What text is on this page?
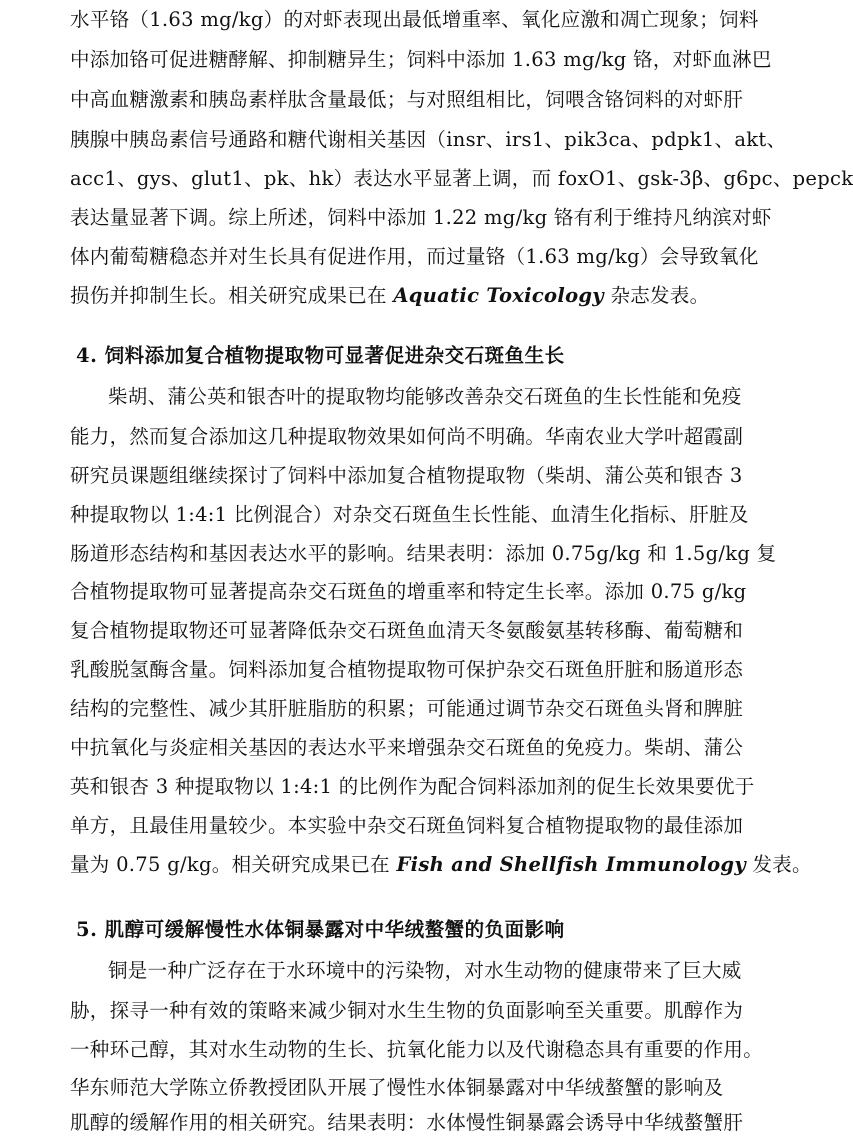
水平铬（1.63 mg/kg）的对虾表现出最低增重率、氧化应激和凋亡现象；饲料
中添加铬可促进糖酵解、抑制糖异生；饲料中添加 1.63 mg/kg 铬，对虾血淋巴
中高血糖激素和胰岛素样肽含量最低；与对照组相比，饲喂含铬饲料的对虾肝
胰腺中胰岛素信号通路和糖代谢相关基因（insr、irs1、pik3ca、pdpk1、akt、
acc1、gys、glut1、pk、hk）表达水平显著上调，而 foxO1、gsk-3β、g6pc、pepck
表达量显著下调。综上所述，饲料中添加 1.22 mg/kg 铬有利于维持凡纳滨对虾
体内葡萄糖稳态并对生长具有促进作用，而过量铬（1.63 mg/kg）会导致氧化
损伤并抑制生长。相关研究成果已在 Aquatic Toxicology 杂志发表。
4. 饲料添加复合植物提取物可显著促进杂交石斑鱼生长
柴胡、蒲公英和银杏叶的提取物均能够改善杂交石斑鱼的生长性能和免疫
能力，然而复合添加这几种提取物效果如何尚不明确。华南农业大学叶超霞副
研究员课题组继续探讨了饲料中添加复合植物提取物（柴胡、蒲公英和银杏 3
种提取物以 1:4:1 比例混合）对杂交石斑鱼生长性能、血清生化指标、肝脏及
肠道形态结构和基因表达水平的影响。结果表明：添加 0.75g/kg 和 1.5g/kg 复
合植物提取物可显著提高杂交石斑鱼的增重率和特定生长率。添加 0.75 g/kg
复合植物提取物还可显著降低杂交石斑鱼血清天冬氨酸氨基转移酶、葡萄糖和
乳酸脱氢酶含量。饲料添加复合植物提取物可保护杂交石斑鱼肝脏和肠道形态
结构的完整性、减少其肝脏脂肪的积累；可能通过调节杂交石斑鱼头肾和脾脏
中抗氧化与炎症相关基因的表达水平来增强杂交石斑鱼的免疫力。柴胡、蒲公
英和银杏 3 种提取物以 1:4:1 的比例作为配合饲料添加剂的促生长效果要优于
单方，且最佳用量较少。本实验中杂交石斑鱼饲料复合植物提取物的最佳添加
量为 0.75 g/kg。相关研究成果已在 Fish and Shellfish Immunology 发表。
5. 肌醇可缓解慢性水体铜暴露对中华绒螯蟹的负面影响
铜是一种广泛存在于水环境中的污染物，对水生动物的健康带来了巨大威
胁，探寻一种有效的策略来减少铜对水生生物的负面影响至关重要。肌醇作为
一种环己醇，其对水生动物的生长、抗氧化能力以及代谢稳态具有重要的作用。
华东师范大学陈立侨教授团队开展了慢性水体铜暴露对中华绒螯蟹的影响及
肌醇的缓解作用的相关研究。结果表明：水体慢性铜暴露会诱导中华绒螯蟹肝
